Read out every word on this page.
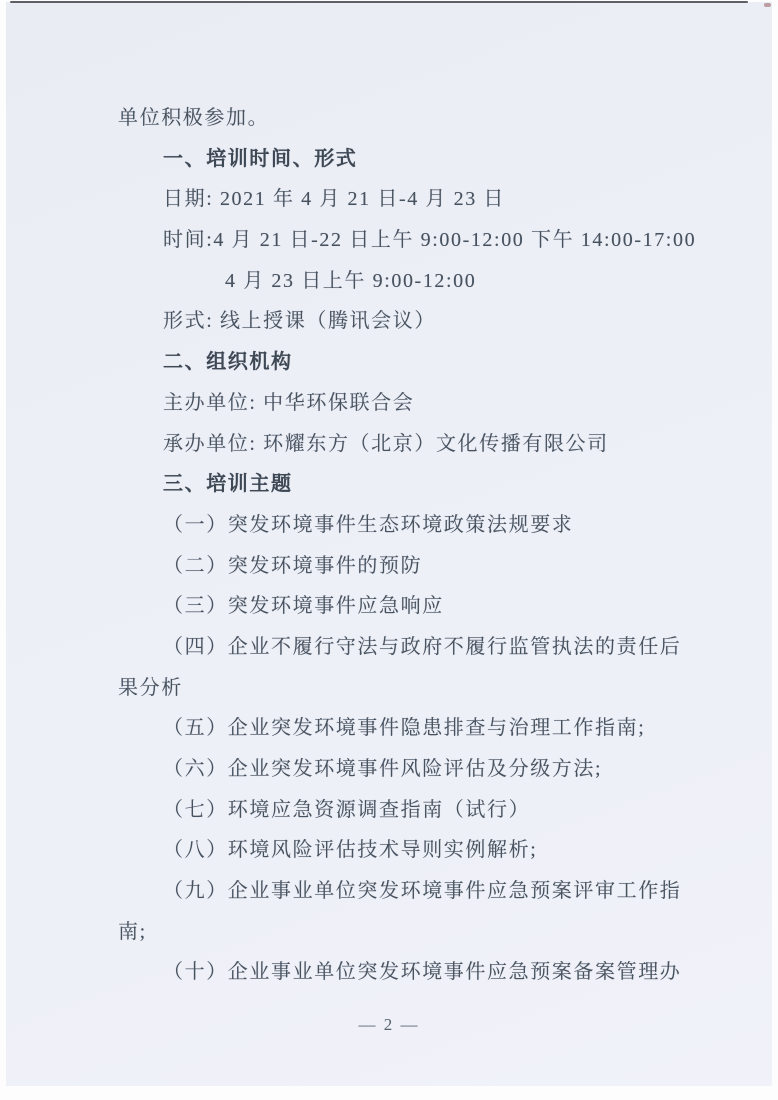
单位积极参加。
一、培训时间、形式
日期: 2021 年 4 月 21 日-4 月 23 日
时间:4 月 21 日-22 日上午 9:00-12:00 下午 14:00-17:00
4 月 23 日上午 9:00-12:00
形式: 线上授课（腾讯会议）
二、组织机构
主办单位: 中华环保联合会
承办单位: 环耀东方（北京）文化传播有限公司
三、培训主题
（一）突发环境事件生态环境政策法规要求
（二）突发环境事件的预防
（三）突发环境事件应急响应
（四）企业不履行守法与政府不履行监管执法的责任后
果分析
（五）企业突发环境事件隐患排查与治理工作指南;
（六）企业突发环境事件风险评估及分级方法;
（七）环境应急资源调查指南（试行）
（八）环境风险评估技术导则实例解析;
（九）企业事业单位突发环境事件应急预案评审工作指
南;
（十）企业事业单位突发环境事件应急预案备案管理办
— 2 —
